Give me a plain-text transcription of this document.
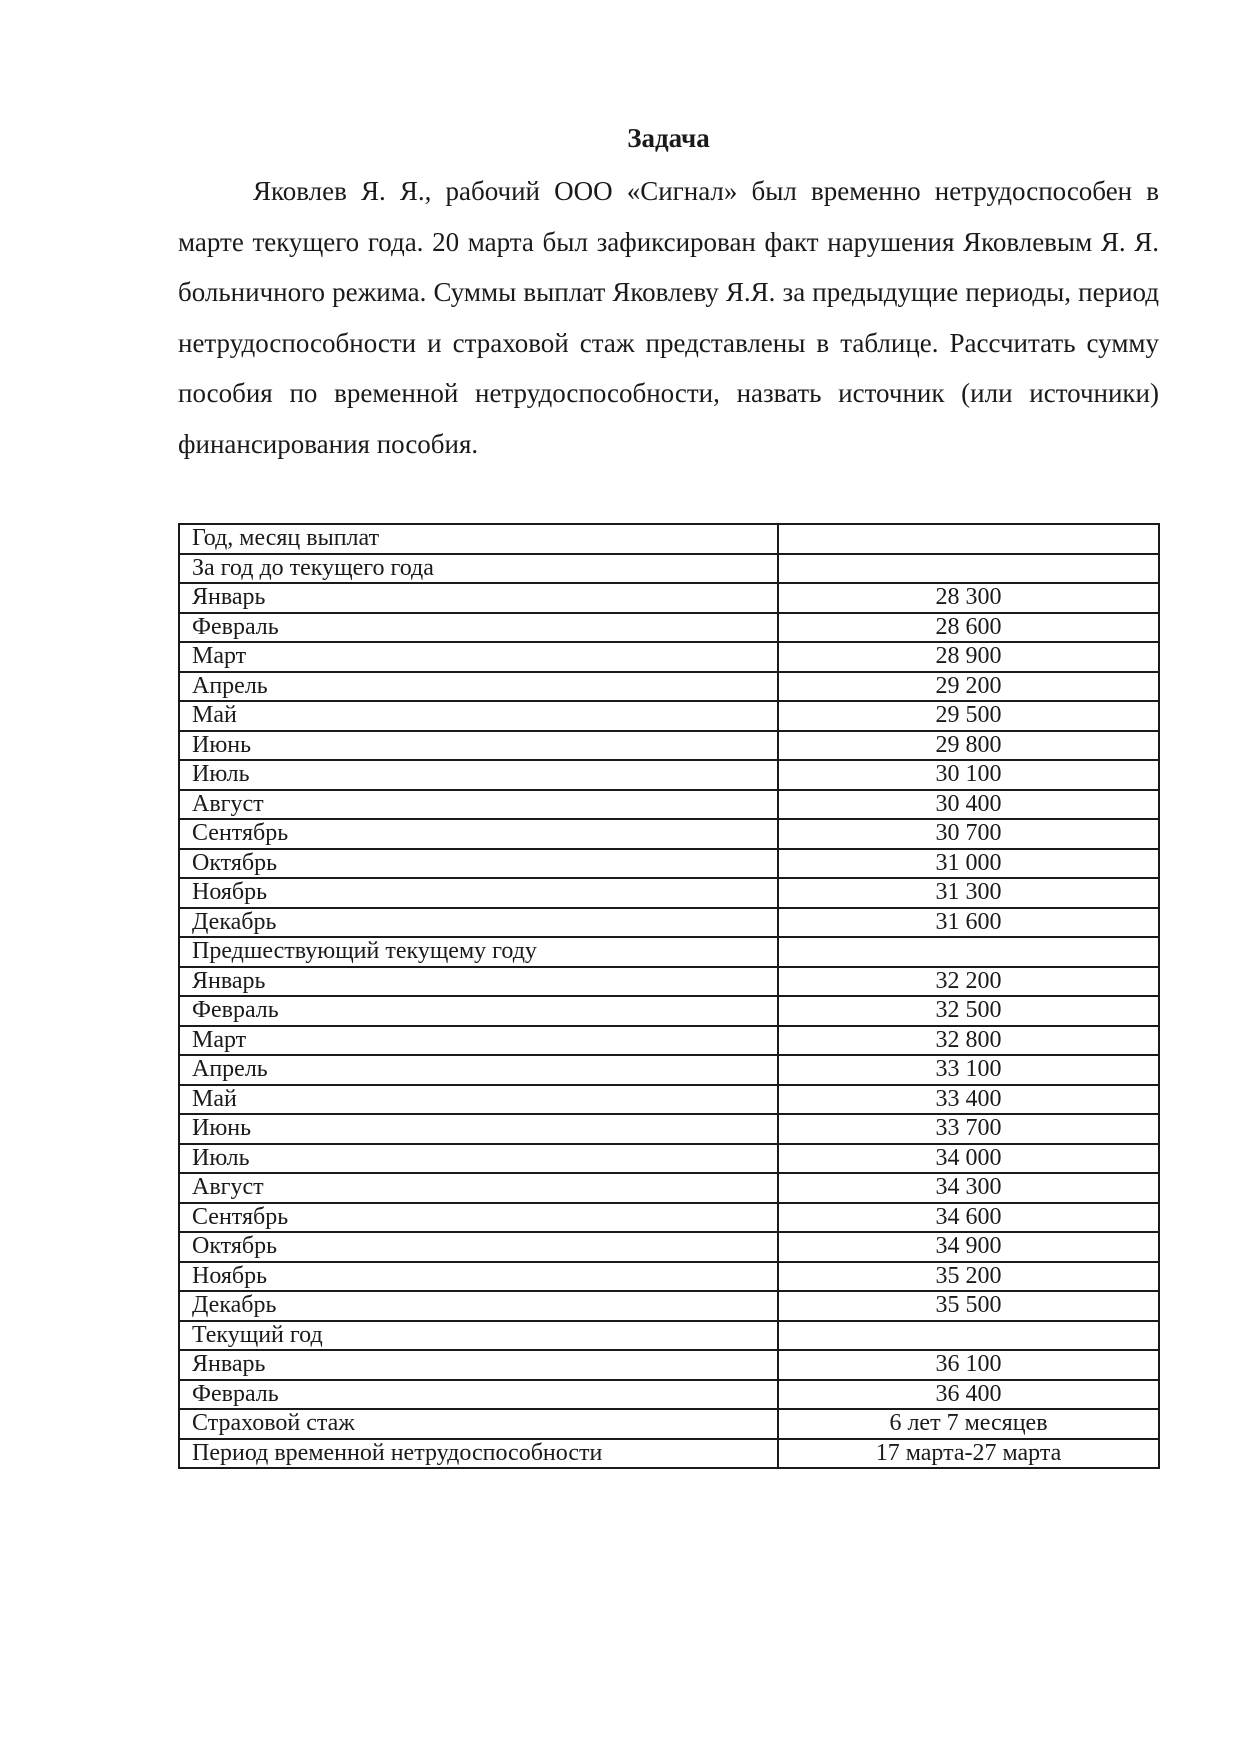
Задача

Яковлев Я. Я., рабочий ООО «Сигнал» был временно нетрудоспособен в марте текущего года. 20 марта был зафиксирован факт нарушения Яковлевым Я. Я. больничного режима. Суммы выплат Яковлеву Я.Я. за предыдущие периоды, период нетрудоспособности и страховой стаж представлены в таблице. Рассчитать сумму пособия по временной нетрудоспособности, назвать источник (или источники) финансирования пособия.

Год, месяц выплат	
За год до текущего года	
Январь	28 300
Февраль	28 600
Март	28 900
Апрель	29 200
Май	29 500
Июнь	29 800
Июль	30 100
Август	30 400
Сентябрь	30 700
Октябрь	31 000
Ноябрь	31 300
Декабрь	31 600
Предшествующий текущему году	
Январь	32 200
Февраль	32 500
Март	32 800
Апрель	33 100
Май	33 400
Июнь	33 700
Июль	34 000
Август	34 300
Сентябрь	34 600
Октябрь	34 900
Ноябрь	35 200
Декабрь	35 500
Текущий год	
Январь	36 100
Февраль	36 400
Страховой стаж	6 лет 7 месяцев
Период временной нетрудоспособности	17 марта-27 марта
